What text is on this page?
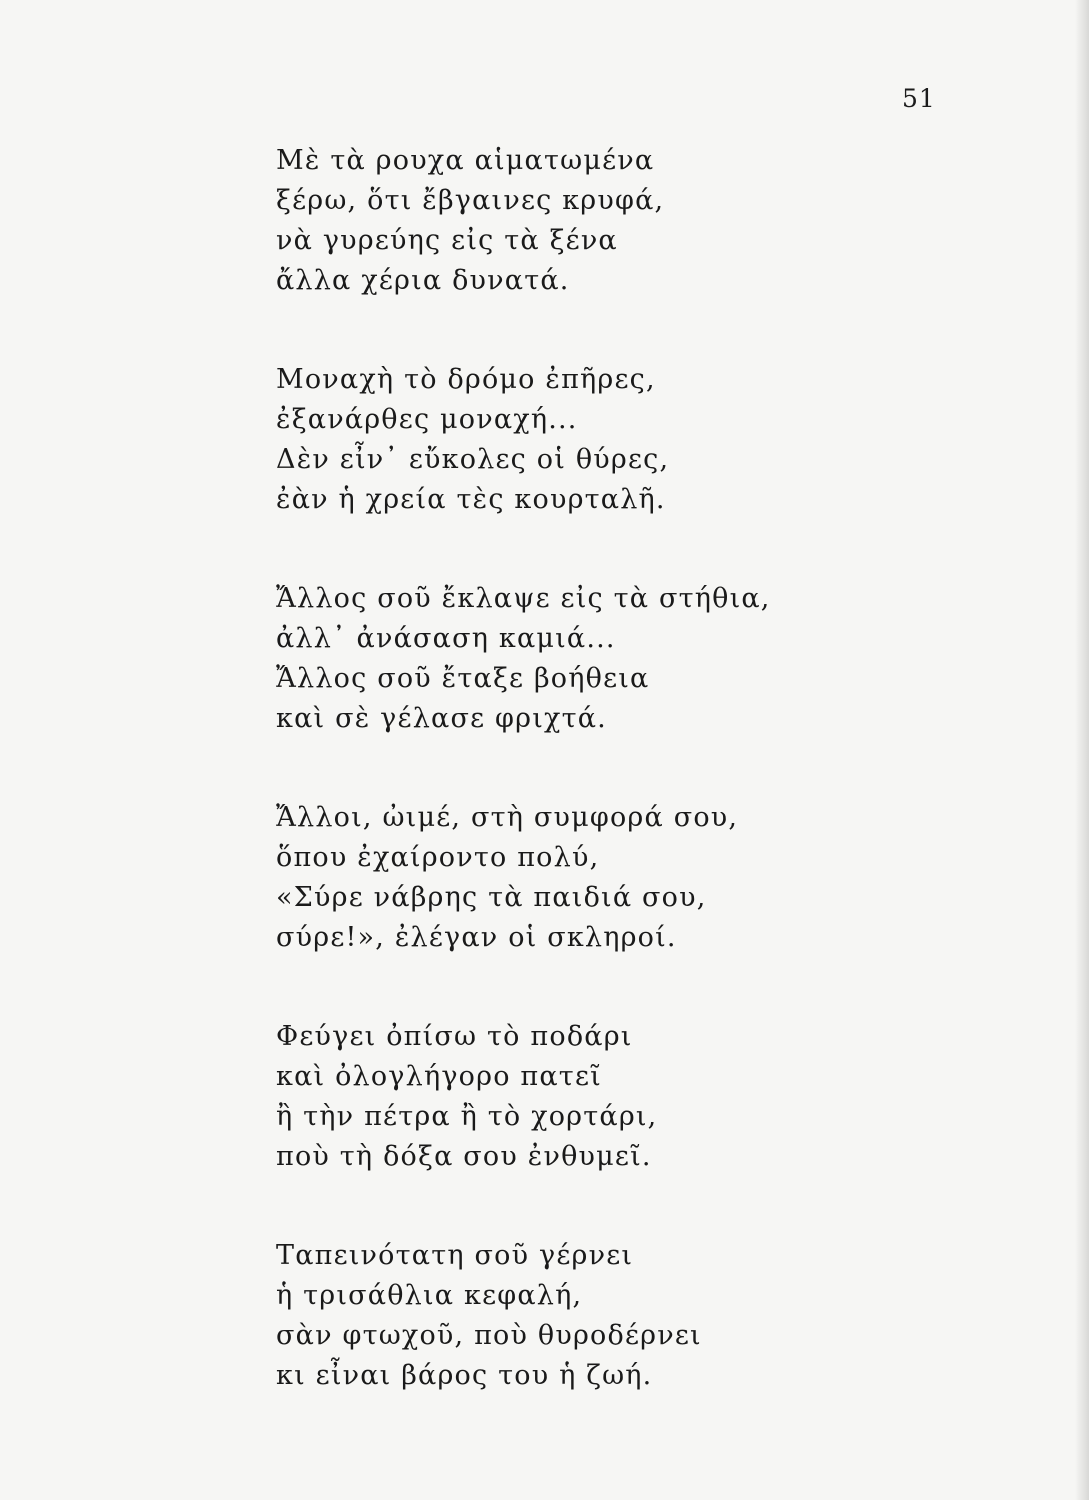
51
Μὲ τὰ ρουχα αἱματωμένα
ξέρω, ὅτι ἔβγαινες κρυφά,
νὰ γυρεύης εἰς τὰ ξένα
ἄλλα χέρια δυνατά.
Μοναχὴ τὸ δρόμο ἐπῆρες,
ἐξανάρθες μοναχή...
Δὲν εἶν᾽ εὔκολες οἱ θύρες,
ἐὰν ἡ χρεία τὲς κουρταλῆ.
Ἄλλος σοῦ ἔκλαψε εἰς τὰ στήθια,
ἀλλ᾽ ἀνάσαση καμιά...
Ἄλλος σοῦ ἔταξε βοήθεια
καὶ σὲ γέλασε φριχτά.
Ἄλλοι, ὠιμέ, στὴ συμφορά σου,
ὅπου ἐχαίροντο πολύ,
«Σύρε νάβρης τὰ παιδιά σου,
σύρε!», ἐλέγαν οἱ σκληροί.
Φεύγει ὀπίσω τὸ ποδάρι
καὶ ὀλογλήγορο πατεῖ
ἢ τὴν πέτρα ἢ τὸ χορτάρι,
ποὺ τὴ δόξα σου ἐνθυμεῖ.
Ταπεινότατη σοῦ γέρνει
ἡ τρισάθλια κεφαλή,
σὰν φτωχοῦ, ποὺ θυροδέρνει
κι εἶναι βάρος του ἡ ζωή.
